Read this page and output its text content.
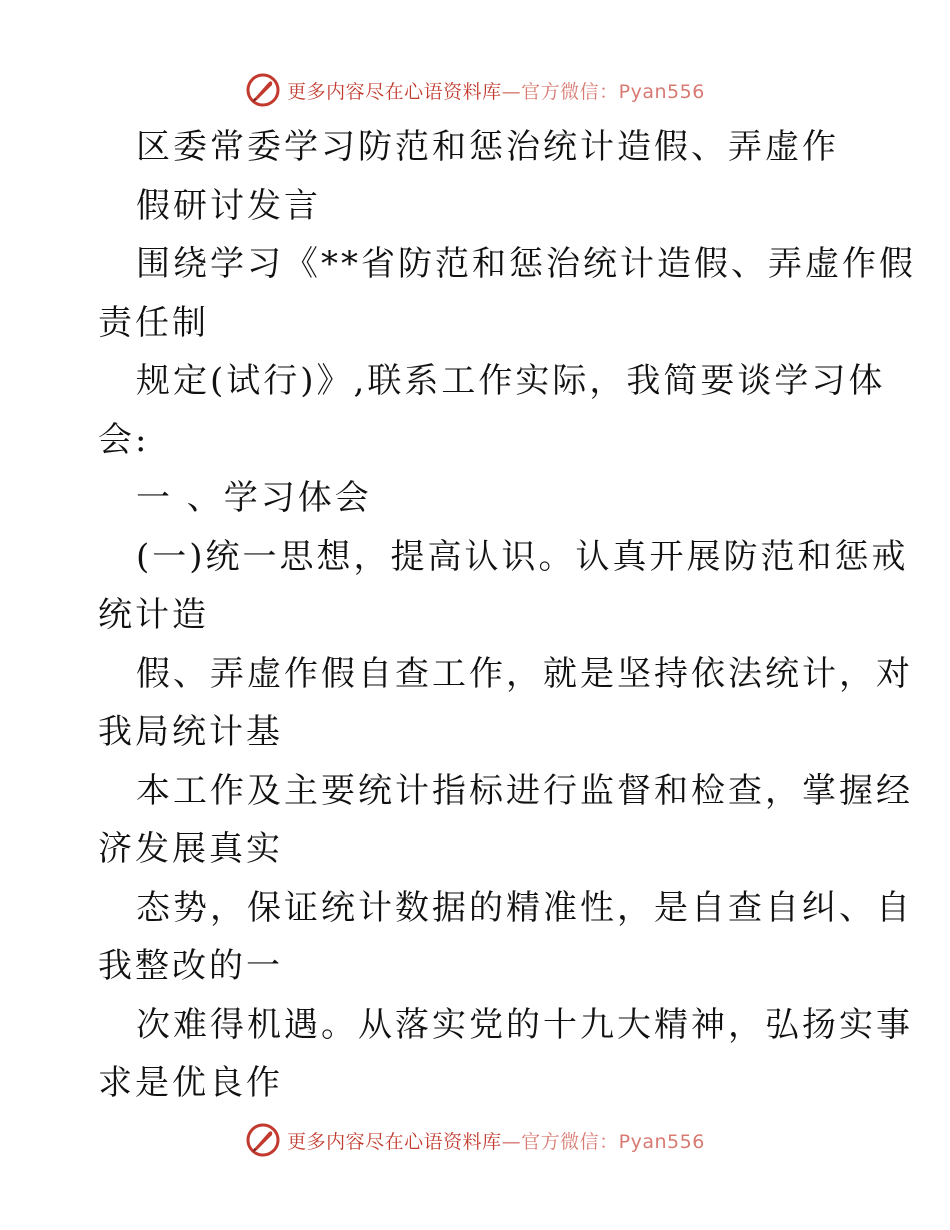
更多内容尽在心语资料库—官方微信：Pyan556
区委常委学习防范和惩治统计造假、弄虚作
假研讨发言
围绕学习《**省防范和惩治统计造假、弄虚作假
责任制
规定(试行)》,联系工作实际，我简要谈学习体
会:
一 、学习体会
(一)统一思想，提高认识。认真开展防范和惩戒
统计造
假、弄虚作假自查工作，就是坚持依法统计，对
我局统计基
本工作及主要统计指标进行监督和检查，掌握经
济发展真实
态势，保证统计数据的精准性，是自查自纠、自
我整改的一
次难得机遇。从落实党的十九大精神，弘扬实事
求是优良作
更多内容尽在心语资料库—官方微信：Pyan556
